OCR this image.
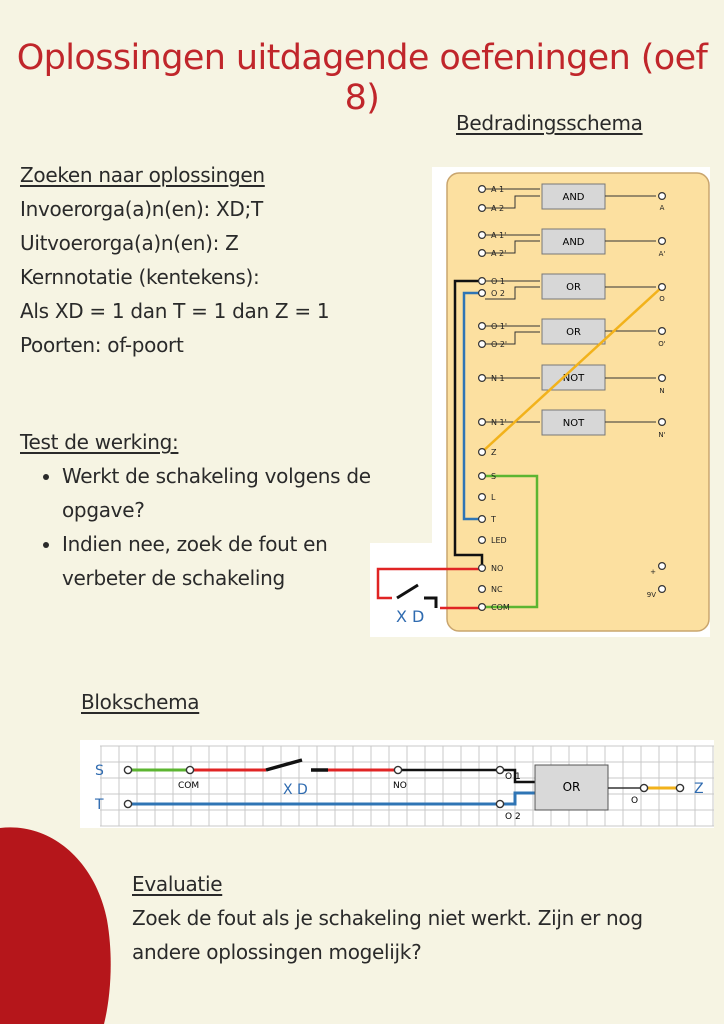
Oplossingen uitdagende oefeningen (oef 8)
Bedradingsschema
Zoeken naar oplossingen
Invoerorga(a)n(en): XD;T
Uitvoerorga(a)n(en): Z
Kernnotatie (kentekens):
Als XD = 1 dan T = 1 dan Z = 1
Poorten: of-poort
Test de werking:
• Werkt de schakeling volgens de opgave?
• Indien nee, zoek de fout en verbeter de schakeling
AND
AND
OR
OR
NOT
NOT
X D
A 1
A 2
A 1'
A 2'
O 1
O 2
O 1'
O 2'
N 1
N 1'
Z
S
L
T
LED
NO
NC
COM
A
A'
O
O'
N
N'
+
9V
Blokschema
S
T
OR
COM	X D	NO
O 1
O 2
O
Z
Evaluatie
Zoek de fout als je schakeling niet werkt. Zijn er nog andere oplossingen mogelijk?
